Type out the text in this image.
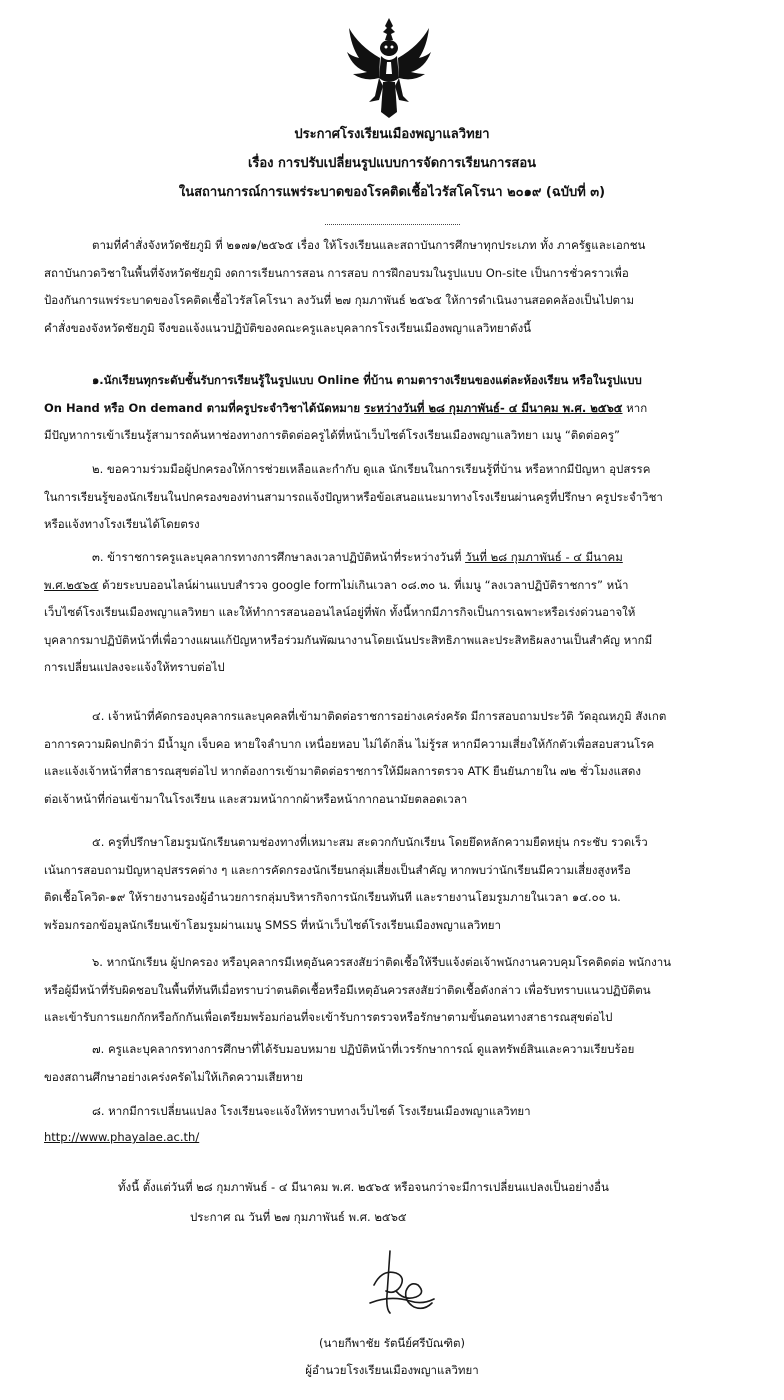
ประกาศโรงเรียนเมืองพญาแลวิทยา
เรื่อง การปรับเปลี่ยนรูปแบบการจัดการเรียนการสอน
ในสถานการณ์การแพร่ระบาดของโรคติดเชื้อไวรัสโคโรนา ๒๐๑๙ (ฉบับที่ ๓)
ตามที่คำสั่งจังหวัดชัยภูมิ ที่ ๒๑๗๑/๒๕๖๕ เรื่อง ให้โรงเรียนและสถาบันการศึกษาทุกประเภท ทั้ง ภาครัฐและเอกชน
สถาบันกวดวิชาในพื้นที่จังหวัดชัยภูมิ งดการเรียนการสอน การสอบ การฝึกอบรมในรูปแบบ On-site เป็นการชั่วคราวเพื่อ
ป้องกันการแพร่ระบาดของโรคติดเชื้อไวรัสโคโรนา ลงวันที่ ๒๗ กุมภาพันธ์ ๒๕๖๕ ให้การดำเนินงานสอดคล้องเป็นไปตาม
คำสั่งของจังหวัดชัยภูมิ จึงขอแจ้งแนวปฏิบัติของคณะครูและบุคลากรโรงเรียนเมืองพญาแลวิทยาดังนี้
๑.นักเรียนทุกระดับชั้นรับการเรียนรู้ในรูปแบบ Online ที่บ้าน ตามตารางเรียนของแต่ละห้องเรียน หรือในรูปแบบ
On Hand หรือ On demand ตามที่ครูประจำวิชาได้นัดหมาย ระหว่างวันที่ ๒๘ กุมภาพันธ์- ๔ มีนาคม พ.ศ. ๒๕๖๕ หาก
มีปัญหาการเข้าเรียนรู้สามารถค้นหาช่องทางการติดต่อครูได้ที่หน้าเว็บไซต์โรงเรียนเมืองพญาแลวิทยา เมนู “ติดต่อครู”
๒. ขอความร่วมมือผู้ปกครองให้การช่วยเหลือและกำกับ ดูแล นักเรียนในการเรียนรู้ที่บ้าน หรือหากมีปัญหา อุปสรรค
ในการเรียนรู้ของนักเรียนในปกครองของท่านสามารถแจ้งปัญหาหรือข้อเสนอแนะมาทางโรงเรียนผ่านครูที่ปรึกษา ครูประจำวิชา
หรือแจ้งทางโรงเรียนได้โดยตรง
๓. ข้าราชการครูและบุคลากรทางการศึกษาลงเวลาปฏิบัติหน้าที่ระหว่างวันที่ วันที่ ๒๘ กุมภาพันธ์ - ๔ มีนาคม
พ.ศ.๒๕๖๕ ด้วยระบบออนไลน์ผ่านแบบสำรวจ google formไม่เกินเวลา ๐๘.๓๐ น. ที่เมนู “ลงเวลาปฏิบัติราชการ” หน้า
เว็บไซต์โรงเรียนเมืองพญาแลวิทยา และให้ทำการสอนออนไลน์อยู่ที่พัก ทั้งนี้หากมีภารกิจเป็นการเฉพาะหรือเร่งด่วนอาจให้
บุคลากรมาปฏิบัติหน้าที่เพื่อวางแผนแก้ปัญหาหรือร่วมกันพัฒนางานโดยเน้นประสิทธิภาพและประสิทธิผลงานเป็นสำคัญ หากมี
การเปลี่ยนแปลงจะแจ้งให้ทราบต่อไป
๔. เจ้าหน้าที่คัดกรองบุคลากรและบุคคลที่เข้ามาติดต่อราชการอย่างเคร่งครัด มีการสอบถามประวัติ วัดอุณหภูมิ สังเกต
อาการความผิดปกติว่า มีน้ำมูก เจ็บคอ หายใจลำบาก เหนื่อยหอบ ไม่ได้กลิ่น ไม่รู้รส หากมีความเสี่ยงให้กักตัวเพื่อสอบสวนโรค
และแจ้งเจ้าหน้าที่สาธารณสุขต่อไป หากต้องการเข้ามาติดต่อราชการให้มีผลการตรวจ ATK ยืนยันภายใน ๗๒ ชั่วโมงแสดง
ต่อเจ้าหน้าที่ก่อนเข้ามาในโรงเรียน และสวมหน้ากากผ้าหรือหน้ากากอนามัยตลอดเวลา
๕. ครูที่ปรึกษาโฮมรูมนักเรียนตามช่องทางที่เหมาะสม สะดวกกับนักเรียน โดยยึดหลักความยืดหยุ่น กระชับ รวดเร็ว
เน้นการสอบถามปัญหาอุปสรรคต่าง ๆ และการคัดกรองนักเรียนกลุ่มเสี่ยงเป็นสำคัญ หากพบว่านักเรียนมีความเสี่ยงสูงหรือ
ติดเชื้อโควิด-๑๙ ให้รายงานรองผู้อำนวยการกลุ่มบริหารกิจการนักเรียนทันที และรายงานโฮมรูมภายในเวลา ๑๔.๐๐ น.
พร้อมกรอกข้อมูลนักเรียนเข้าโฮมรูมผ่านเมนู SMSS ที่หน้าเว็บไซต์โรงเรียนเมืองพญาแลวิทยา
๖. หากนักเรียน ผู้ปกครอง หรือบุคลากรมีเหตุอันควรสงสัยว่าติดเชื้อให้รีบแจ้งต่อเจ้าพนักงานควบคุมโรคติดต่อ พนักงาน
หรือผู้มีหน้าที่รับผิดชอบในพื้นที่ทันทีเมื่อทราบว่าตนติดเชื้อหรือมีเหตุอันควรสงสัยว่าติดเชื้อดังกล่าว เพื่อรับทราบแนวปฏิบัติตน
และเข้ารับการแยกกักหรือกักกันเพื่อเตรียมพร้อมก่อนที่จะเข้ารับการตรวจหรือรักษาตามขั้นตอนทางสาธารณสุขต่อไป
๗. ครูและบุคลากรทางการศึกษาที่ได้รับมอบหมาย ปฏิบัติหน้าที่เวรรักษาการณ์ ดูแลทรัพย์สินและความเรียบร้อย
ของสถานศึกษาอย่างเคร่งครัดไม่ให้เกิดความเสียหาย
๘. หากมีการเปลี่ยนแปลง โรงเรียนจะแจ้งให้ทราบทางเว็บไซต์ โรงเรียนเมืองพญาแลวิทยา
http://www.phayalae.ac.th/
ทั้งนี้ ตั้งแต่วันที่ ๒๘ กุมภาพันธ์ - ๔ มีนาคม พ.ศ. ๒๕๖๕ หรือจนกว่าจะมีการเปลี่ยนแปลงเป็นอย่างอื่น
ประกาศ ณ วันที่ ๒๗ กุมภาพันธ์ พ.ศ. ๒๕๖๕
(นายกีพาชัย รัตนีย์ศรีบัณฑิต)
ผู้อำนวยโรงเรียนเมืองพญาแลวิทยา
